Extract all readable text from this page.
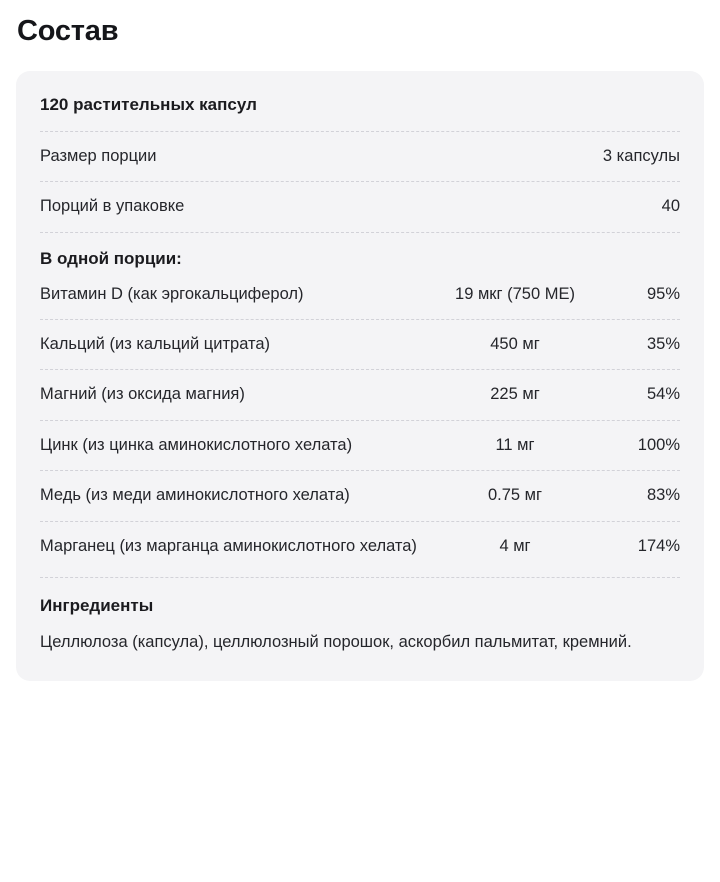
Состав
120 растительных капсул
Размер порции	3 капсулы
Порций в упаковке	40
В одной порции:
Витамин D (как эргокальциферол)	19 мкг (750 МЕ)	95%
Кальций (из кальций цитрата)	450 мг	35%
Магний (из оксида магния)	225 мг	54%
Цинк (из цинка аминокислотного хелата)	11 мг	100%
Медь (из меди аминокислотного хелата)	0.75 мг	83%
Марганец (из марганца аминокислотного хелата)	4 мг	174%
Ингредиенты
Целлюлоза (капсула), целлюлозный порошок, аскорбил пальмитат, кремний.
